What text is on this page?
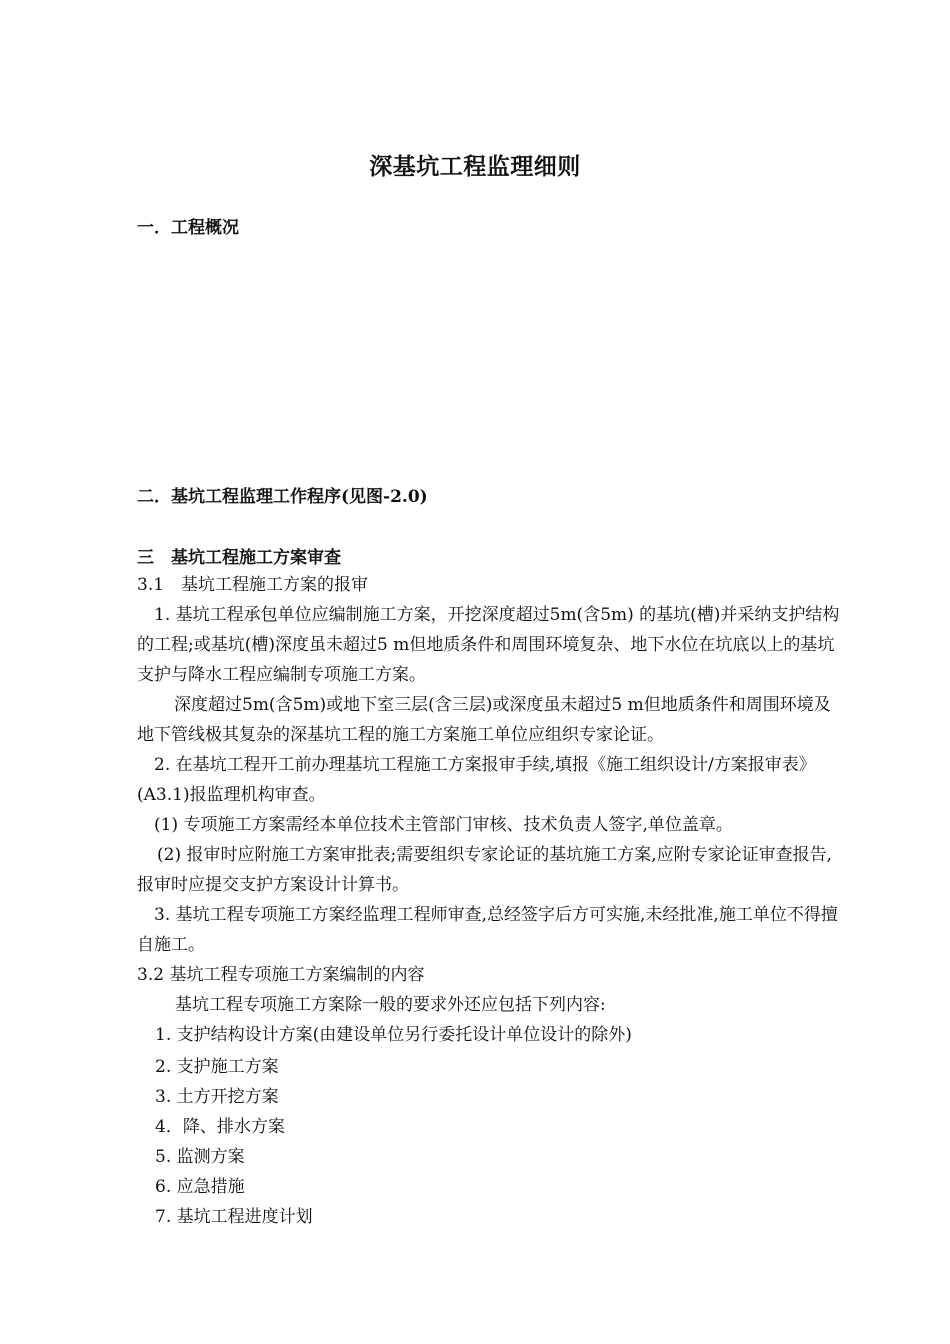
深基坑工程监理细则
一．工程概况
二．基坑工程监理工作程序(见图-2.0)
三　基坑工程施工方案审查
3.1　基坑工程施工方案的报审
1. 基坑工程承包单位应编制施工方案，开挖深度超过5m(含5m) 的基坑(槽)并采纳支护结构的工程;或基坑(槽)深度虽未超过5 m但地质条件和周围环境复杂、地下水位在坑底以上的基坑支护与降水工程应编制专项施工方案。
深度超过5m(含5m)或地下室三层(含三层)或深度虽未超过5 m但地质条件和周围环境及地下管线极其复杂的深基坑工程的施工方案施工单位应组织专家论证。
2. 在基坑工程开工前办理基坑工程施工方案报审手续,填报《施工组织设计/方案报审表》(A3.1)报监理机构审查。
(1) 专项施工方案需经本单位技术主管部门审核、技术负责人签字,单位盖章。
(2) 报审时应附施工方案审批表;需要组织专家论证的基坑施工方案,应附专家论证审查报告,报审时应提交支护方案设计计算书。
3. 基坑工程专项施工方案经监理工程师审查,总经签字后方可实施,未经批准,施工单位不得擅自施工。
3.2 基坑工程专项施工方案编制的内容
基坑工程专项施工方案除一般的要求外还应包括下列内容:
1. 支护结构设计方案(由建设单位另行委托设计单位设计的除外)
2. 支护施工方案
3. 土方开挖方案
4．降、排水方案
5. 监测方案
6. 应急措施
7. 基坑工程进度计划
